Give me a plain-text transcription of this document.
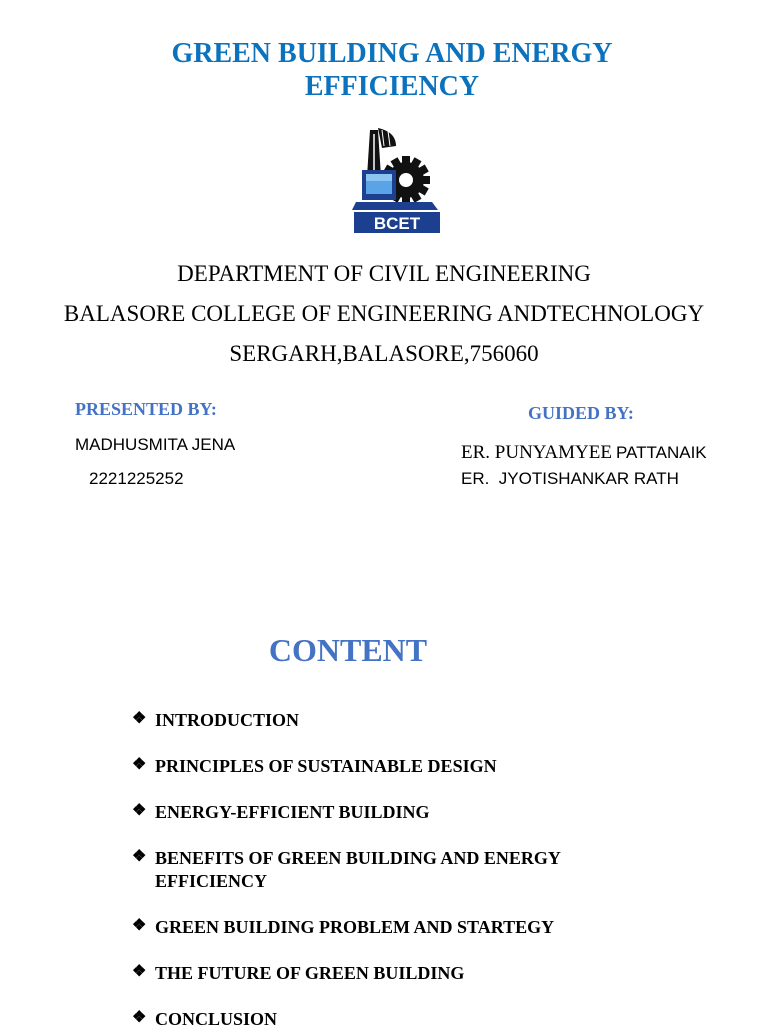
GREEN BUILDING AND ENERGY
EFFICIENCY
BCET
DEPARTMENT OF CIVIL ENGINEERING
BALASORE COLLEGE OF ENGINEERING ANDTECHNOLOGY
SERGARH,BALASORE,756060
PRESENTED BY:
MADHUSMITA JENA
2221225252
GUIDED BY:
ER. PUNYAMYEE PATTANAIK
ER.  JYOTISHANKAR RATH
CONTENT
❖ INTRODUCTION
❖ PRINCIPLES OF SUSTAINABLE DESIGN
❖ ENERGY-EFFICIENT BUILDING
❖ BENEFITS OF GREEN BUILDING AND ENERGY EFFICIENCY
❖ GREEN BUILDING PROBLEM AND STARTEGY
❖ THE FUTURE OF GREEN BUILDING
❖ CONCLUSION
